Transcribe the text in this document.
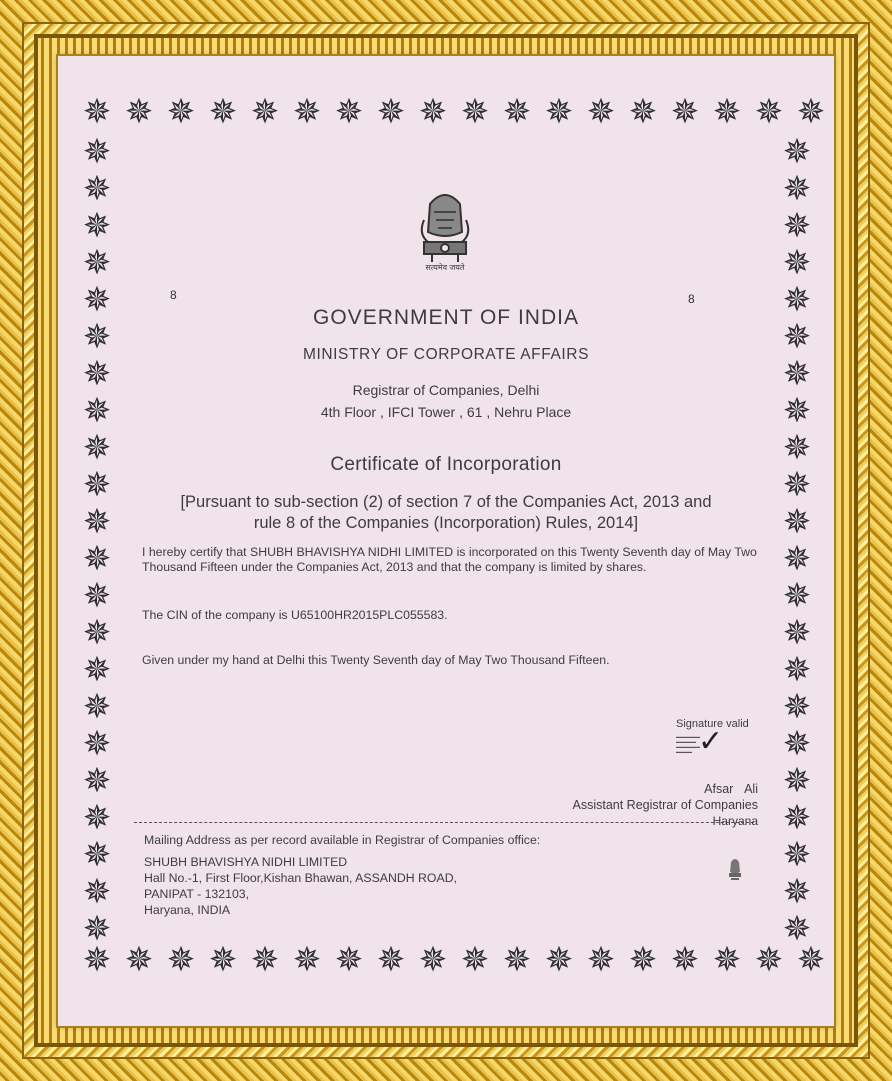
✵ ✵ ✵ ✵ ✵ ✵ ✵ ✵ ✵ ✵ ✵ ✵ ✵ ✵ ✵ ✵ ✵ ✵
✵ ✵ ✵ ✵ ✵ ✵ ✵ ✵ ✵ ✵ ✵ ✵ ✵ ✵ ✵ ✵ ✵ ✵
✵
✵
✵
✵
✵
✵
✵
✵
✵
✵
✵
✵
✵
✵
✵
✵
✵
✵
✵
✵
✵
✵
✵
✵
✵
✵
✵
✵
✵
✵
✵
✵
✵
✵
✵
✵
✵
✵
✵
✵
✵
✵
✵
✵
सत्यमेव जयते
8	8
GOVERNMENT OF INDIA
MINISTRY OF CORPORATE AFFAIRS
Registrar of Companies, Delhi
4th Floor , IFCI Tower , 61 , Nehru Place
Certificate of Incorporation
[Pursuant to sub-section (2) of section 7 of the Companies Act, 2013 and
rule 8 of the Companies (Incorporation) Rules, 2014]
I hereby certify that SHUBH BHAVISHYA NIDHI LIMITED is incorporated on this Twenty Seventh day of May Two Thousand Fifteen under the Companies Act, 2013 and that the company is limited by shares.
The CIN of the company is U65100HR2015PLC055583.
Given under my hand at Delhi this Twenty Seventh day of May Two Thousand Fifteen.
Signature valid
▬▬▬▬▬▬
▬▬▬▬▬
▬▬▬▬▬▬
▬▬▬▬ ✓
Afsar Ali
Assistant Registrar of Companies
Haryana
Mailing Address as per record available in Registrar of Companies office:
SHUBH BHAVISHYA NIDHI LIMITED
Hall No.-1, First Floor,Kishan Bhawan, ASSANDH ROAD,
PANIPAT - 132103,
Haryana, INDIA
